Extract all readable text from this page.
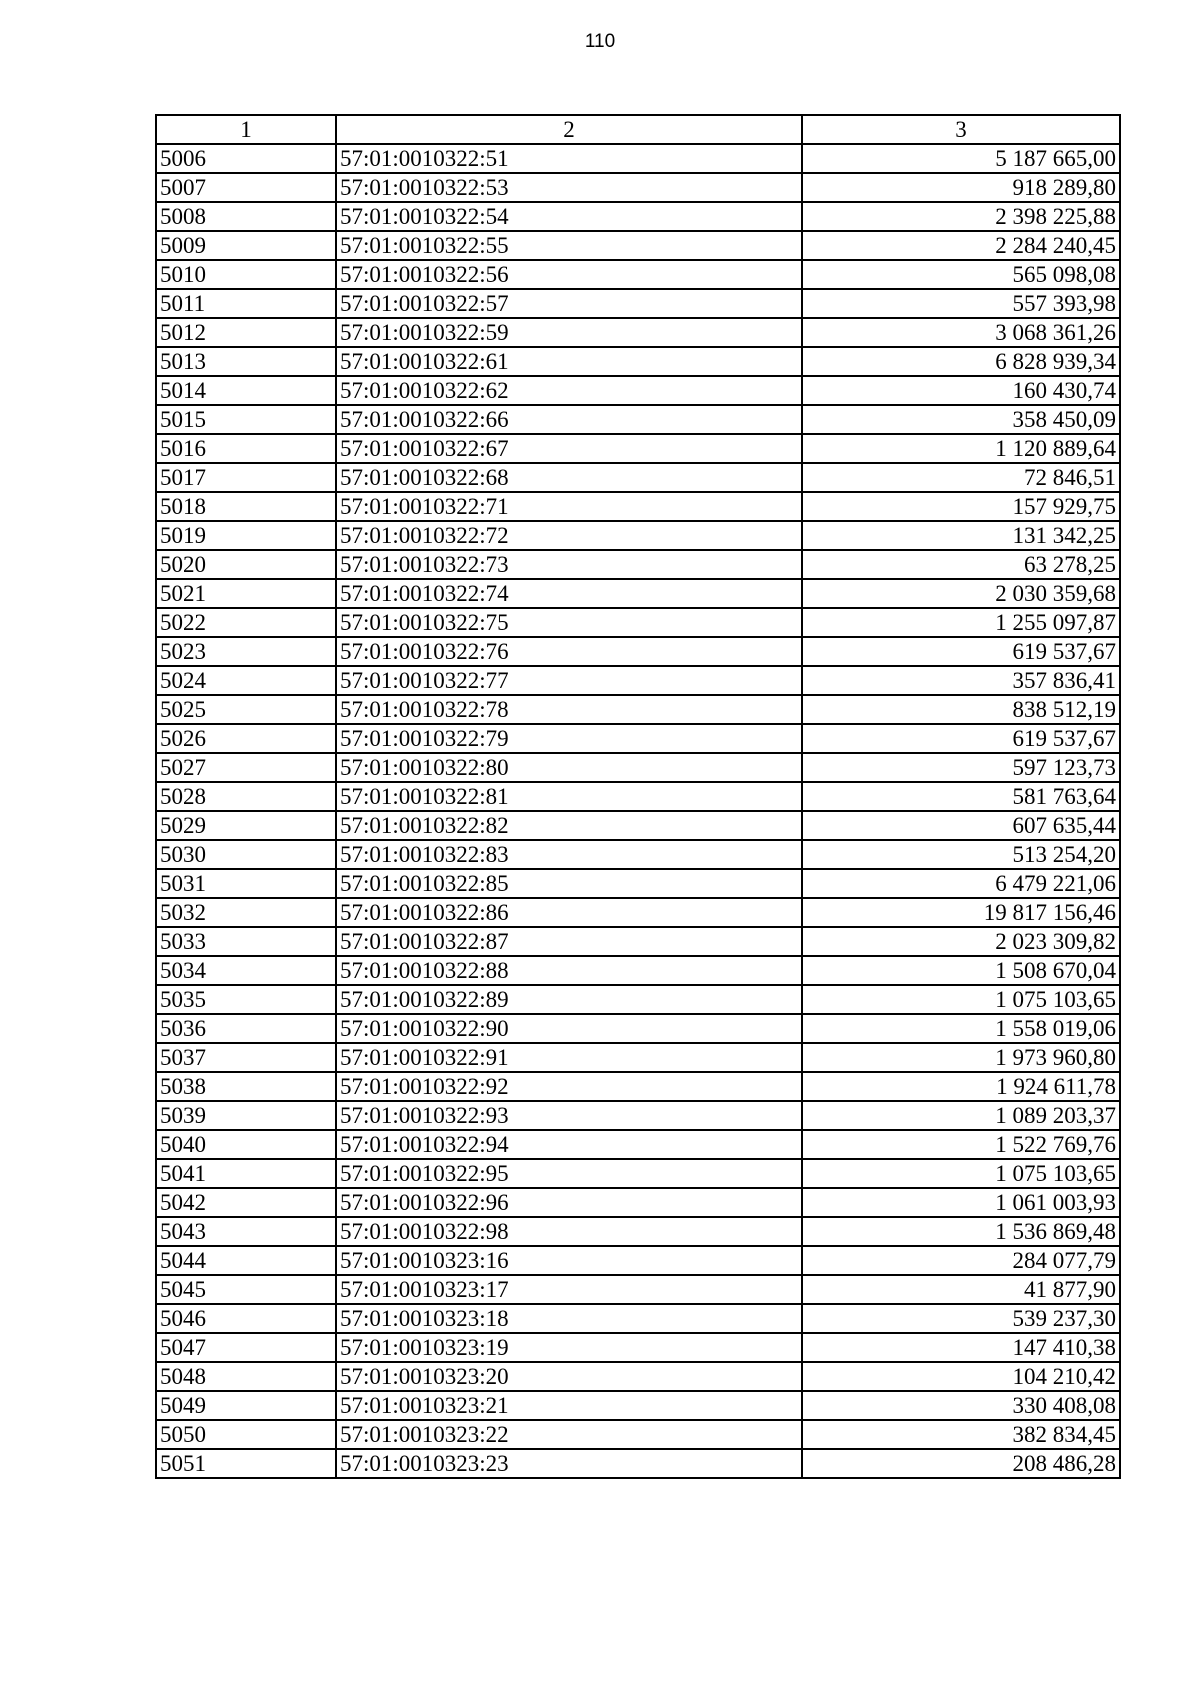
110
1	2	3
5006	57:01:0010322:51	5 187 665,00
5007	57:01:0010322:53	918 289,80
5008	57:01:0010322:54	2 398 225,88
5009	57:01:0010322:55	2 284 240,45
5010	57:01:0010322:56	565 098,08
5011	57:01:0010322:57	557 393,98
5012	57:01:0010322:59	3 068 361,26
5013	57:01:0010322:61	6 828 939,34
5014	57:01:0010322:62	160 430,74
5015	57:01:0010322:66	358 450,09
5016	57:01:0010322:67	1 120 889,64
5017	57:01:0010322:68	72 846,51
5018	57:01:0010322:71	157 929,75
5019	57:01:0010322:72	131 342,25
5020	57:01:0010322:73	63 278,25
5021	57:01:0010322:74	2 030 359,68
5022	57:01:0010322:75	1 255 097,87
5023	57:01:0010322:76	619 537,67
5024	57:01:0010322:77	357 836,41
5025	57:01:0010322:78	838 512,19
5026	57:01:0010322:79	619 537,67
5027	57:01:0010322:80	597 123,73
5028	57:01:0010322:81	581 763,64
5029	57:01:0010322:82	607 635,44
5030	57:01:0010322:83	513 254,20
5031	57:01:0010322:85	6 479 221,06
5032	57:01:0010322:86	19 817 156,46
5033	57:01:0010322:87	2 023 309,82
5034	57:01:0010322:88	1 508 670,04
5035	57:01:0010322:89	1 075 103,65
5036	57:01:0010322:90	1 558 019,06
5037	57:01:0010322:91	1 973 960,80
5038	57:01:0010322:92	1 924 611,78
5039	57:01:0010322:93	1 089 203,37
5040	57:01:0010322:94	1 522 769,76
5041	57:01:0010322:95	1 075 103,65
5042	57:01:0010322:96	1 061 003,93
5043	57:01:0010322:98	1 536 869,48
5044	57:01:0010323:16	284 077,79
5045	57:01:0010323:17	41 877,90
5046	57:01:0010323:18	539 237,30
5047	57:01:0010323:19	147 410,38
5048	57:01:0010323:20	104 210,42
5049	57:01:0010323:21	330 408,08
5050	57:01:0010323:22	382 834,45
5051	57:01:0010323:23	208 486,28
